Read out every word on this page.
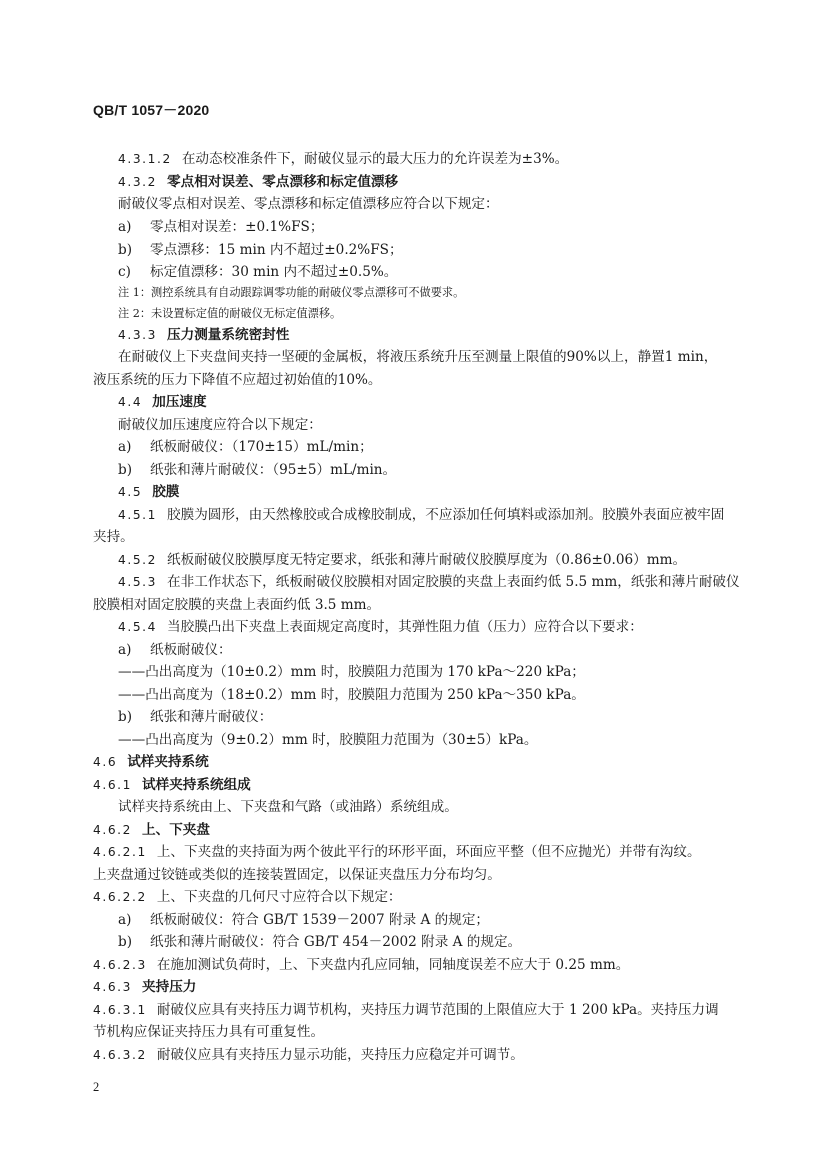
QB/T 1057－2020
4.3.1.2 在动态校准条件下，耐破仪显示的最大压力的允许误差为±3%。
4.3.2 零点相对误差、零点漂移和标定值漂移
耐破仪零点相对误差、零点漂移和标定值漂移应符合以下规定：
a) 零点相对误差：±0.1%FS；
b) 零点漂移：15 min 内不超过±0.2%FS；
c) 标定值漂移：30 min 内不超过±0.5%。
注 1：测控系统具有自动跟踪调零功能的耐破仪零点漂移可不做要求。
注 2：未设置标定值的耐破仪无标定值漂移。
4.3.3 压力测量系统密封性
在耐破仪上下夹盘间夹持一坚硬的金属板，将液压系统升压至测量上限值的90%以上，静置1 min，
液压系统的压力下降值不应超过初始值的10%。
4.4 加压速度
耐破仪加压速度应符合以下规定：
a) 纸板耐破仪：（170±15）mL/min；
b) 纸张和薄片耐破仪：（95±5）mL/min。
4.5 胶膜
4.5.1 胶膜为圆形，由天然橡胶或合成橡胶制成，不应添加任何填料或添加剂。胶膜外表面应被牢固
夹持。
4.5.2 纸板耐破仪胶膜厚度无特定要求，纸张和薄片耐破仪胶膜厚度为（0.86±0.06）mm。
4.5.3 在非工作状态下，纸板耐破仪胶膜相对固定胶膜的夹盘上表面约低 5.5 mm，纸张和薄片耐破仪
胶膜相对固定胶膜的夹盘上表面约低 3.5 mm。
4.5.4 当胶膜凸出下夹盘上表面规定高度时，其弹性阻力值（压力）应符合以下要求：
a) 纸板耐破仪：
——凸出高度为（10±0.2）mm 时，胶膜阻力范围为 170 kPa～220 kPa；
——凸出高度为（18±0.2）mm 时，胶膜阻力范围为 250 kPa～350 kPa。
b) 纸张和薄片耐破仪：
——凸出高度为（9±0.2）mm 时，胶膜阻力范围为（30±5）kPa。
4.6 试样夹持系统
4.6.1 试样夹持系统组成
试样夹持系统由上、下夹盘和气路（或油路）系统组成。
4.6.2 上、下夹盘
4.6.2.1 上、下夹盘的夹持面为两个彼此平行的环形平面，环面应平整（但不应抛光）并带有沟纹。
上夹盘通过铰链或类似的连接装置固定，以保证夹盘压力分布均匀。
4.6.2.2 上、下夹盘的几何尺寸应符合以下规定：
a) 纸板耐破仪：符合 GB/T 1539－2007 附录 A 的规定；
b) 纸张和薄片耐破仪：符合 GB/T 454－2002 附录 A 的规定。
4.6.2.3 在施加测试负荷时，上、下夹盘内孔应同轴，同轴度误差不应大于 0.25 mm。
4.6.3 夹持压力
4.6.3.1 耐破仪应具有夹持压力调节机构，夹持压力调节范围的上限值应大于 1 200 kPa。夹持压力调
节机构应保证夹持压力具有可重复性。
4.6.3.2 耐破仪应具有夹持压力显示功能，夹持压力应稳定并可调节。
2
